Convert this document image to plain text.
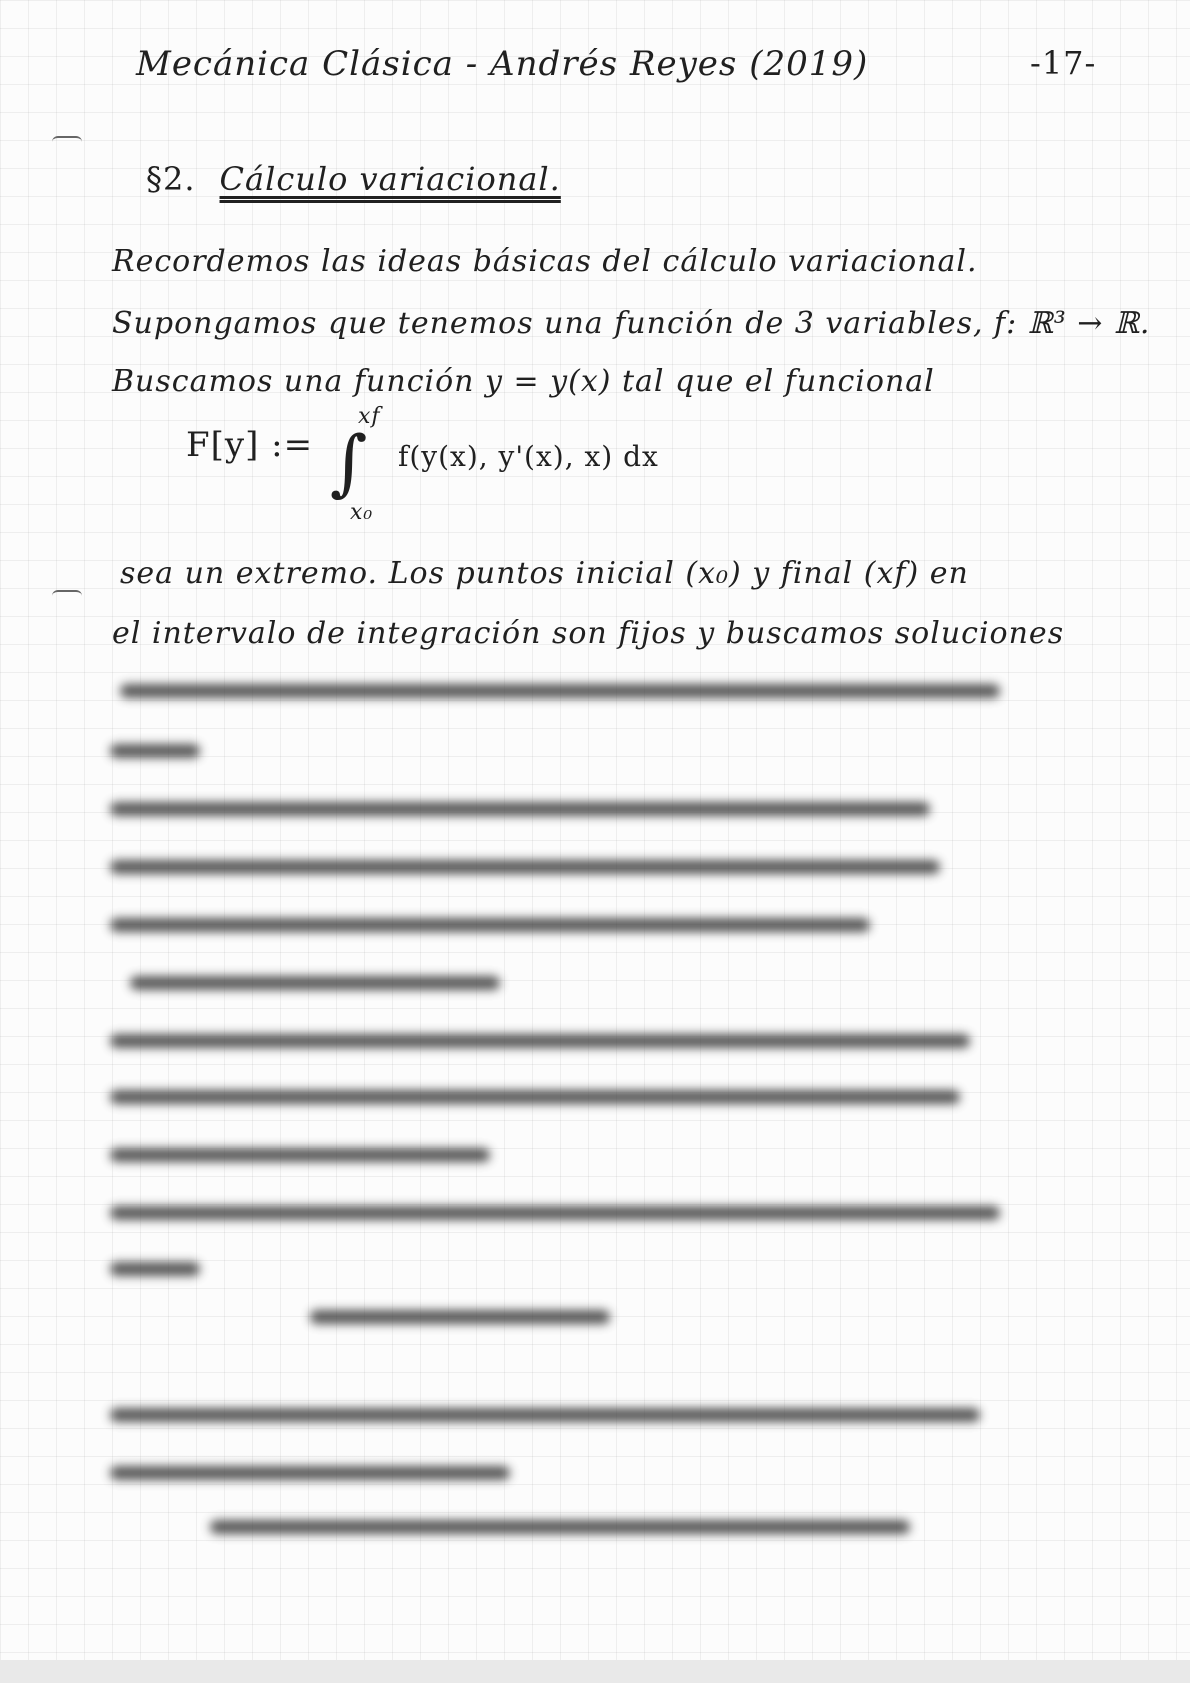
Mecánica Clásica - Andrés Reyes (2019)	-17-
§2. Cálculo variacional.
Recordemos las ideas básicas del cálculo variacional.
Supongamos que tenemos una función de 3 variables, f: ℝ³ → ℝ.
Buscamos una función y = y(x) tal que el funcional
F[y] := ∫
xf
x₀
f(y(x), y'(x), x) dx
sea un extremo. Los puntos inicial (x₀) y final (xf) en
el intervalo de integración son fijos y buscamos soluciones
